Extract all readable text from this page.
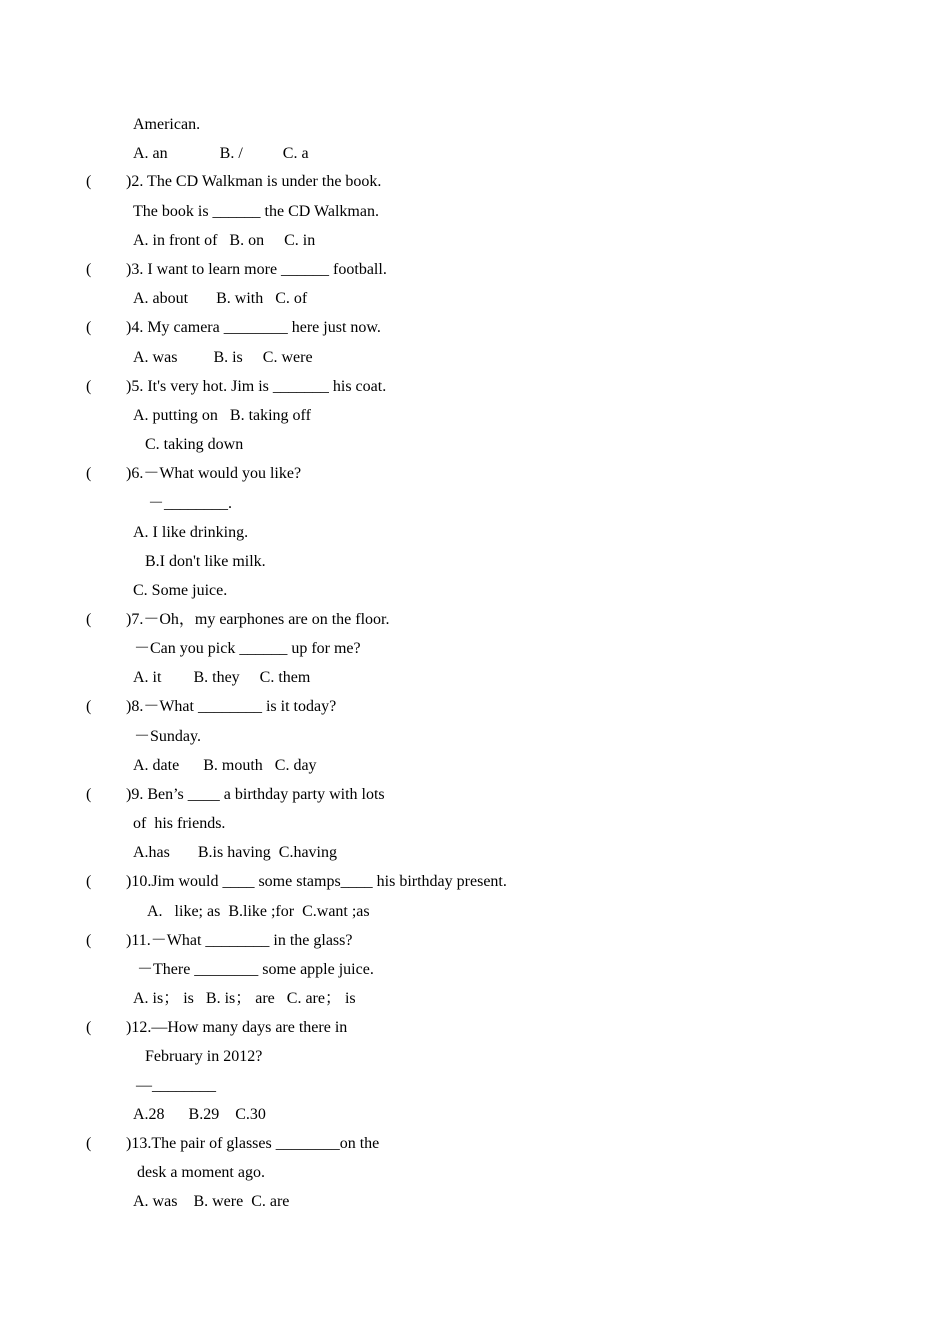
American.
A. an             B. /          C. a
( )2. The CD Walkman is under the book.
The book is ______ the CD Walkman.
A. in front of   B. on     C. in
( )3. I want to learn more ______ football.
A. about       B. with   C. of
( )4. My camera ________ here just now.
A. was         B. is     C. were
( )5. It's very hot. Jim is _______ his coat.
A. putting on   B. taking off
C. taking down
( )6.－What would you like?
－________.
A. I like drinking.
B.I don't like milk.
C. Some juice.
( )7.－Oh，my earphones are on the floor.
－Can you pick ______ up for me?
A. it        B. they     C. them
( )8.－What ________ is it today?
－Sunday.
A. date      B. mouth   C. day
( )9. Ben’s ____ a birthday party with lots
of  his friends.
A.has       B.is having  C.having
( )10.Jim would ____ some stamps____ his birthday present.
A.   like; as  B.like ;for  C.want ;as
( )11.－What ________ in the glass?
－There ________ some apple juice.
A. is； is   B. is； are   C. are； is
( )12.—How many days are there in
February in 2012?
—________
A.28      B.29    C.30
( )13.The pair of glasses ________on the
desk a moment ago.
A. was    B. were  C. are
